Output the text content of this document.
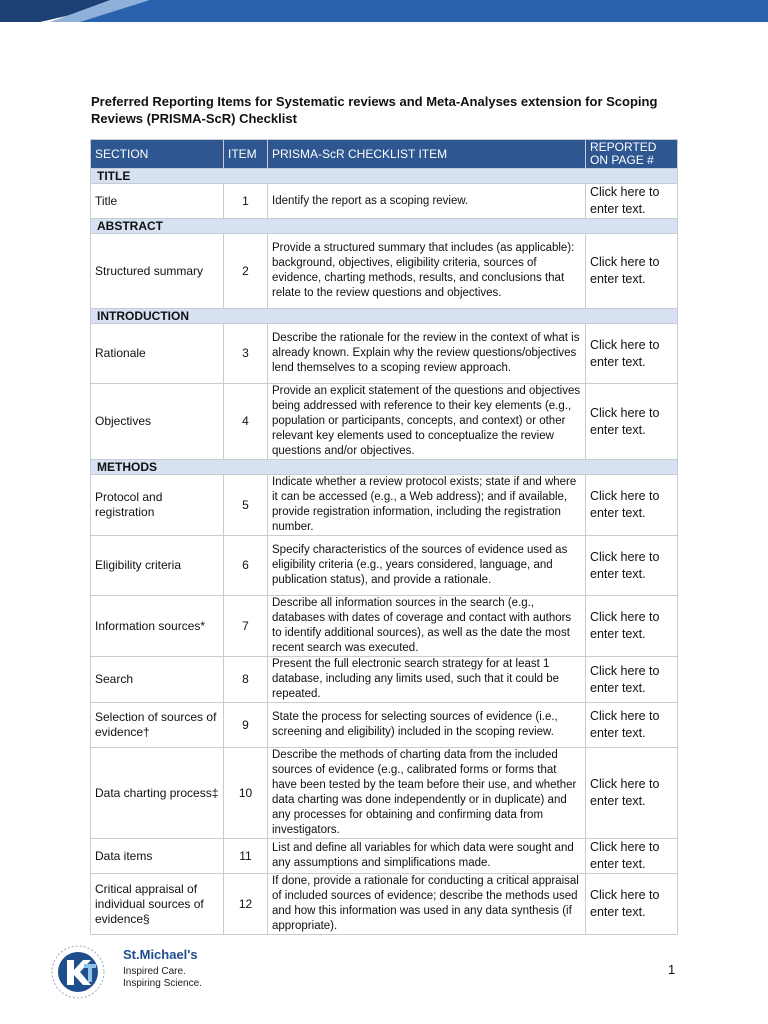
Preferred Reporting Items for Systematic reviews and Meta-Analyses extension for Scoping Reviews (PRISMA-ScR) Checklist
SECTION	ITEM	PRISMA-ScR CHECKLIST ITEM	REPORTED ON PAGE #
TITLE			
Title	1	Identify the report as a scoping review.	Click here to enter text.
ABSTRACT			
Structured summary	2	Provide a structured summary that includes (as applicable): background, objectives, eligibility criteria, sources of evidence, charting methods, results, and conclusions that relate to the review questions and objectives.	Click here to enter text.
INTRODUCTION			
Rationale	3	Describe the rationale for the review in the context of what is already known. Explain why the review questions/objectives lend themselves to a scoping review approach.	Click here to enter text.
Objectives	4	Provide an explicit statement of the questions and objectives being addressed with reference to their key elements (e.g., population or participants, concepts, and context) or other relevant key elements used to conceptualize the review questions and/or objectives.	Click here to enter text.
METHODS			
Protocol and registration	5	Indicate whether a review protocol exists; state if and where it can be accessed (e.g., a Web address); and if available, provide registration information, including the registration number.	Click here to enter text.
Eligibility criteria	6	Specify characteristics of the sources of evidence used as eligibility criteria (e.g., years considered, language, and publication status), and provide a rationale.	Click here to enter text.
Information sources*	7	Describe all information sources in the search (e.g., databases with dates of coverage and contact with authors to identify additional sources), as well as the date the most recent search was executed.	Click here to enter text.
Search	8	Present the full electronic search strategy for at least 1 database, including any limits used, such that it could be repeated.	Click here to enter text.
Selection of sources of evidence†	9	State the process for selecting sources of evidence (i.e., screening and eligibility) included in the scoping review.	Click here to enter text.
Data charting process‡	10	Describe the methods of charting data from the included sources of evidence (e.g., calibrated forms or forms that have been tested by the team before their use, and whether data charting was done independently or in duplicate) and any processes for obtaining and confirming data from investigators.	Click here to enter text.
Data items	11	List and define all variables for which data were sought and any assumptions and simplifications made.	Click here to enter text.
Critical appraisal of individual sources of evidence§	12	If done, provide a rationale for conducting a critical appraisal of included sources of evidence; describe the methods used and how this information was used in any data synthesis (if appropriate).	Click here to enter text.
St.Michael's
Inspired Care.
Inspiring Science.
1
